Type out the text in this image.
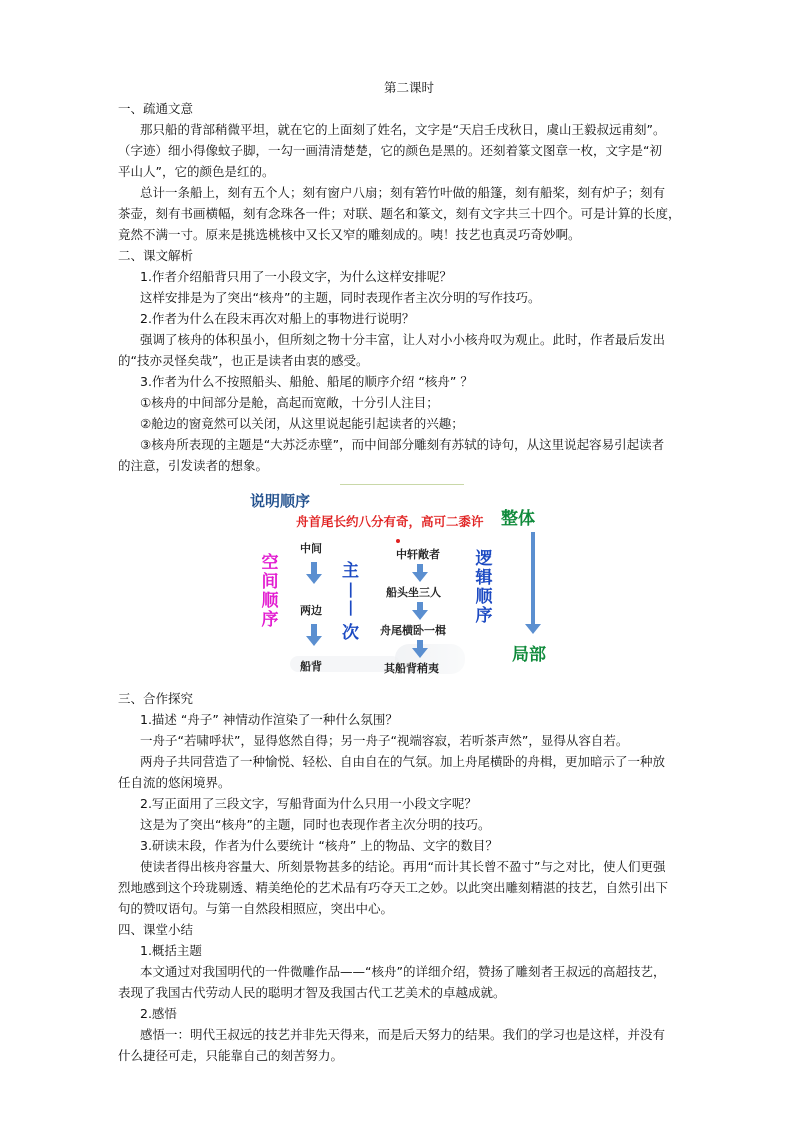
第二课时
一、疏通文意
那只船的背部稍微平坦，就在它的上面刻了姓名，文字是“天启壬戌秋日，虞山王毅叔远甫刻”。
（字迹）细小得像蚊子脚，一勾一画清清楚楚，它的颜色是黑的。还刻着篆文图章一枚，文字是“初
平山人”，它的颜色是红的。
总计一条船上，刻有五个人；刻有窗户八扇；刻有箬竹叶做的船篷，刻有船桨，刻有炉子；刻有
茶壶，刻有书画横幅，刻有念珠各一件；对联、题名和篆文，刻有文字共三十四个。可是计算的长度，
竟然不满一寸。原来是挑选桃核中又长又窄的雕刻成的。咦！技艺也真灵巧奇妙啊。
二、课文解析
1.作者介绍船背只用了一小段文字，为什么这样安排呢？
这样安排是为了突出“核舟”的主题，同时表现作者主次分明的写作技巧。
2.作者为什么在段末再次对船上的事物进行说明？
强调了核舟的体积虽小，但所刻之物十分丰富，让人对小小核舟叹为观止。此时，作者最后发出
的“技亦灵怪矣哉”，也正是读者由衷的感受。
3.作者为什么不按照船头、船舱、船尾的顺序介绍 “核舟” ？
①核舟的中间部分是舱，高起而宽敞，十分引人注目；
②舱边的窗竟然可以关闭，从这里说起能引起读者的兴趣；
③核舟所表现的主题是“大苏泛赤壁”，而中间部分雕刻有苏轼的诗句，从这里说起容易引起读者
的注意，引发读者的想象。
说明顺序
舟首尾长约八分有奇，高可二黍许 整体
空间顺序
中间
两边
船背
主
|
|
次
中轩敞者
船头坐三人
舟尾横卧一楫
其船背稍夷
逻辑顺序
局部
三、合作探究
1.描述 “舟子” 神情动作渲染了一种什么氛围？
一舟子“若啸呼状”，显得悠然自得；另一舟子“视端容寂，若听茶声然”，显得从容自若。
两舟子共同营造了一种愉悦、轻松、自由自在的气氛。加上舟尾横卧的舟楫，更加暗示了一种放
任自流的悠闲境界。
2.写正面用了三段文字，写船背面为什么只用一小段文字呢？
这是为了突出“核舟”的主题，同时也表现作者主次分明的技巧。
3.研读末段，作者为什么要统计 “核舟” 上的物品、文字的数目？
使读者得出核舟容量大、所刻景物甚多的结论。再用“而计其长曾不盈寸”与之对比，使人们更强
烈地感到这个玲珑剔透、精美绝伦的艺术品有巧夺天工之妙。以此突出雕刻精湛的技艺，自然引出下
句的赞叹语句。与第一自然段相照应，突出中心。
四、课堂小结
1.概括主题
本文通过对我国明代的一件微雕作品——“核舟”的详细介绍，赞扬了雕刻者王叔远的高超技艺，
表现了我国古代劳动人民的聪明才智及我国古代工艺美术的卓越成就。
2.感悟
感悟一：明代王叔远的技艺并非先天得来，而是后天努力的结果。我们的学习也是这样，并没有
什么捷径可走，只能靠自己的刻苦努力。
